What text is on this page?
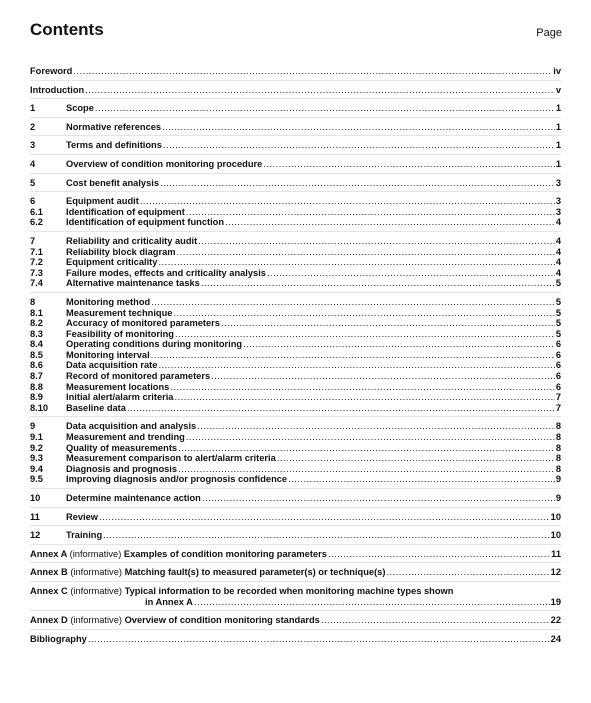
Contents	Page
Foreword .....	iv
Introduction .....	v
1	Scope .....	1
2	Normative references .....	1
3	Terms and definitions .....	1
4	Overview of condition monitoring procedure .....	1
5	Cost benefit analysis .....	3
6	Equipment audit .....	3
6.1	Identification of equipment .....	3
6.2	Identification of equipment function .....	4
7	Reliability and criticality audit .....	4
7.1	Reliability block diagram .....	4
7.2	Equipment criticality .....	4
7.3	Failure modes, effects and criticality analysis .....	4
7.4	Alternative maintenance tasks .....	5
8	Monitoring method .....	5
8.1	Measurement technique .....	5
8.2	Accuracy of monitored parameters .....	5
8.3	Feasibility of monitoring .....	5
8.4	Operating conditions during monitoring .....	6
8.5	Monitoring interval .....	6
8.6	Data acquisition rate .....	6
8.7	Record of monitored parameters .....	6
8.8	Measurement locations .....	6
8.9	Initial alert/alarm criteria .....	7
8.10	Baseline data .....	7
9	Data acquisition and analysis .....	8
9.1	Measurement and trending .....	8
9.2	Quality of measurements .....	8
9.3	Measurement comparison to alert/alarm criteria .....	8
9.4	Diagnosis and prognosis .....	8
9.5	Improving diagnosis and/or prognosis confidence .....	9
10	Determine maintenance action .....	9
11	Review .....	10
12	Training .....	10
Annex A (informative) Examples of condition monitoring parameters .....	11
Annex B (informative) Matching fault(s) to measured parameter(s) or technique(s) .....	12
Annex C (informative) Typical information to be recorded when monitoring machine types shown
in Annex A .....	19
Annex D (informative) Overview of condition monitoring standards .....	22
Bibliography .....	24
